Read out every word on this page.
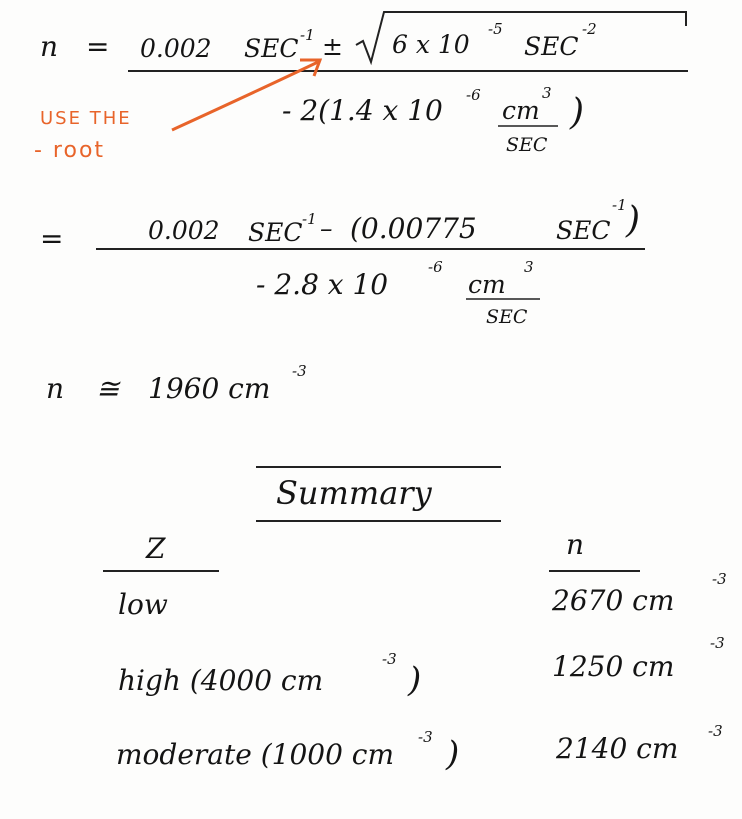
n = 0.002 SEC -1 ± 6 x 10
-5
SEC
-2
- 2(1.4 x 10 -6
cm
3 )
SEC
USE THE
- root
=	0.002 SEC -1 – (0.00775	SEC
-1 )
- 2.8 x 10
-6
cm
3
SEC
n ≅ 1960 cm
-3
Summary
Z	n
low	2670 cm
-3
high (4000 cm
-3
)	1250 cm
-3
moderate (1000 cm
-3 )	2140 cm
-3
